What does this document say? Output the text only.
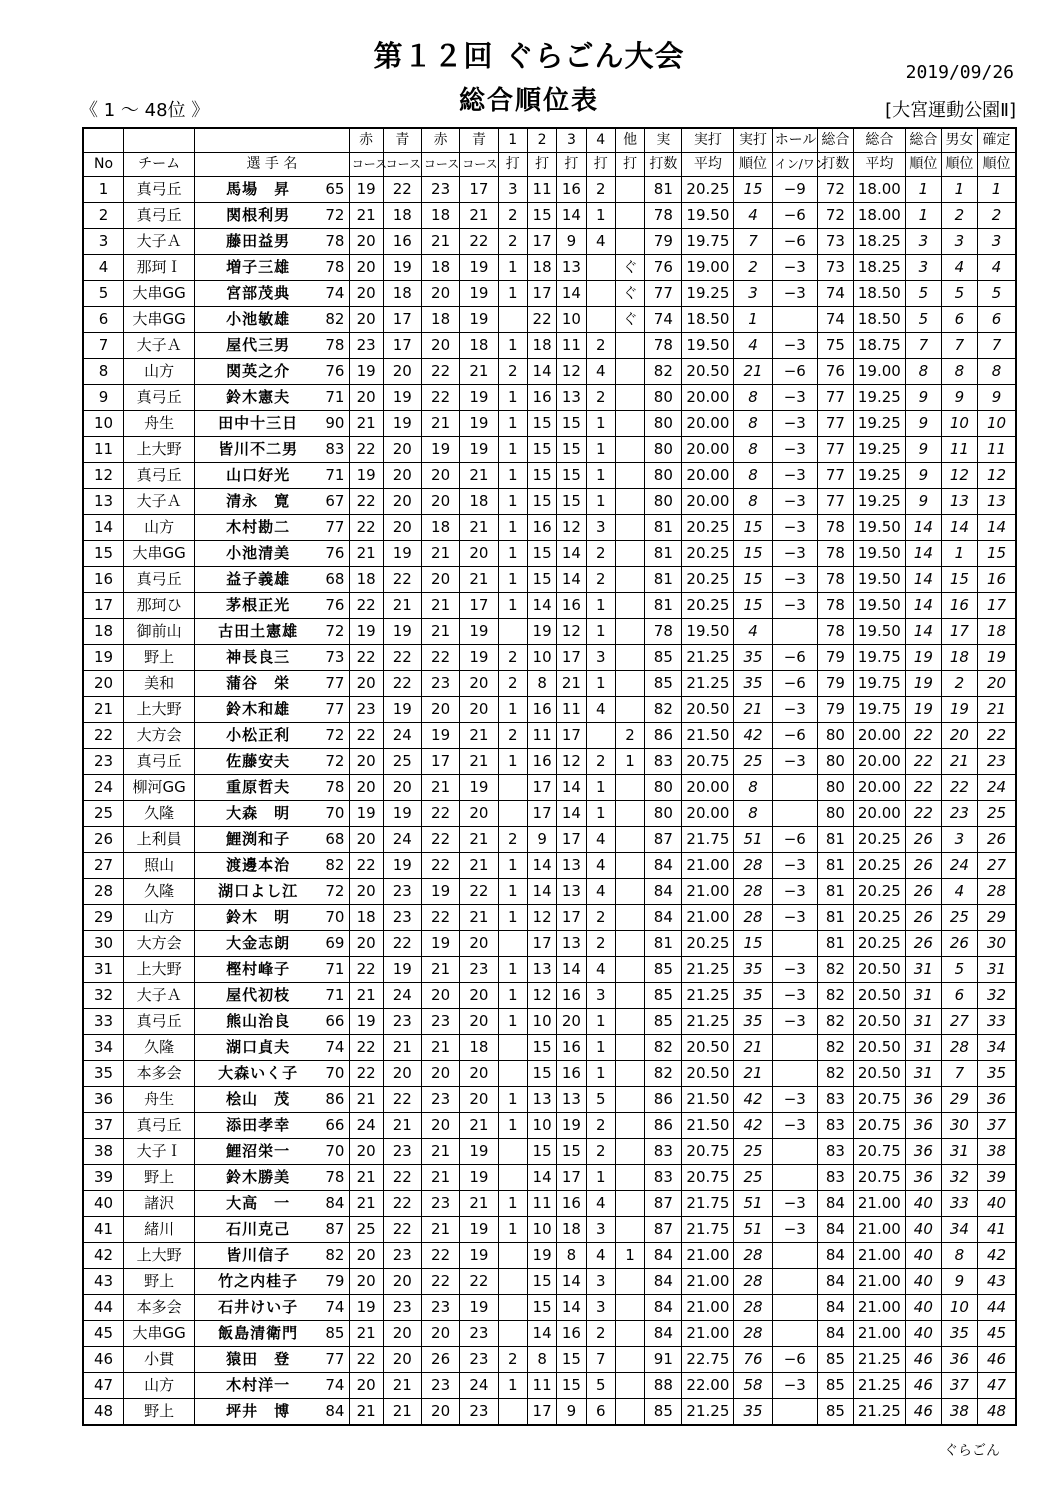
第１２回 ぐらごん大会	2019/09/26
総合順位表
《 1 ～ 48位 》	[大宮運動公園Ⅱ]
				赤	青	赤	青	1	2	3	4	他	実	実打	実打	ホール	総合	総合	総合	男女	確定
No	チーム	選 手 名		コース	コース	コース	コース	打	打	打	打	打	打数	平均	順位	イン/ワン	打数	平均	順位	順位	順位
1	真弓丘	馬場　昇	65	19	22	23	17	3	11	16	2		81	20.25	15	−9	72	18.00	1	1	1
2	真弓丘	関根利男	72	21	18	18	21	2	15	14	1		78	19.50	4	−6	72	18.00	1	2	2
3	大子Ａ	藤田益男	78	20	16	21	22	2	17	9	4		79	19.75	7	−6	73	18.25	3	3	3
4	那珂Ｉ	増子三雄	78	20	19	18	19	1	18	13		ぐ	76	19.00	2	−3	73	18.25	3	4	4
5	大串GG	宮部茂典	74	20	18	20	19	1	17	14		ぐ	77	19.25	3	−3	74	18.50	5	5	5
6	大串GG	小池敏雄	82	20	17	18	19		22	10		ぐ	74	18.50	1		74	18.50	5	6	6
7	大子Ａ	屋代三男	78	23	17	20	18	1	18	11	2		78	19.50	4	−3	75	18.75	7	7	7
8	山方	関英之介	76	19	20	22	21	2	14	12	4		82	20.50	21	−6	76	19.00	8	8	8
9	真弓丘	鈴木憲夫	71	20	19	22	19	1	16	13	2		80	20.00	8	−3	77	19.25	9	9	9
10	舟生	田中十三日	90	21	19	21	19	1	15	15	1		80	20.00	8	−3	77	19.25	9	10	10
11	上大野	皆川不二男	83	22	20	19	19	1	15	15	1		80	20.00	8	−3	77	19.25	9	11	11
12	真弓丘	山口好光	71	19	20	20	21	1	15	15	1		80	20.00	8	−3	77	19.25	9	12	12
13	大子Ａ	清永　寛	67	22	20	20	18	1	15	15	1		80	20.00	8	−3	77	19.25	9	13	13
14	山方	木村勘二	77	22	20	18	21	1	16	12	3		81	20.25	15	−3	78	19.50	14	14	14
15	大串GG	小池清美	76	21	19	21	20	1	15	14	2		81	20.25	15	−3	78	19.50	14	1	15
16	真弓丘	益子義雄	68	18	22	20	21	1	15	14	2		81	20.25	15	−3	78	19.50	14	15	16
17	那珂ひ	茅根正光	76	22	21	21	17	1	14	16	1		81	20.25	15	−3	78	19.50	14	16	17
18	御前山	古田土憲雄	72	19	19	21	19		19	12	1		78	19.50	4		78	19.50	14	17	18
19	野上	神長良三	73	22	22	22	19	2	10	17	3		85	21.25	35	−6	79	19.75	19	18	19
20	美和	蒲谷　栄	77	20	22	23	20	2	8	21	1		85	21.25	35	−6	79	19.75	19	2	20
21	上大野	鈴木和雄	77	23	19	20	20	1	16	11	4		82	20.50	21	−3	79	19.75	19	19	21
22	大方会	小松正利	72	22	24	19	21	2	11	17		2	86	21.50	42	−6	80	20.00	22	20	22
23	真弓丘	佐藤安夫	72	20	25	17	21	1	16	12	2	1	83	20.75	25	−3	80	20.00	22	21	23
24	柳河GG	重原哲夫	78	20	20	21	19		17	14	1		80	20.00	8		80	20.00	22	22	24
25	久隆	大森　明	70	19	19	22	20		17	14	1		80	20.00	8		80	20.00	22	23	25
26	上利員	鯉渕和子	68	20	24	22	21	2	9	17	4		87	21.75	51	−6	81	20.25	26	3	26
27	照山	渡邊本治	82	22	19	22	21	1	14	13	4		84	21.00	28	−3	81	20.25	26	24	27
28	久隆	湖口よし江	72	20	23	19	22	1	14	13	4		84	21.00	28	−3	81	20.25	26	4	28
29	山方	鈴木　明	70	18	23	22	21	1	12	17	2		84	21.00	28	−3	81	20.25	26	25	29
30	大方会	大金志朗	69	20	22	19	20		17	13	2		81	20.25	15		81	20.25	26	26	30
31	上大野	樫村峰子	71	22	19	21	23	1	13	14	4		85	21.25	35	−3	82	20.50	31	5	31
32	大子Ａ	屋代初枝	71	21	24	20	20	1	12	16	3		85	21.25	35	−3	82	20.50	31	6	32
33	真弓丘	熊山治良	66	19	23	23	20	1	10	20	1		85	21.25	35	−3	82	20.50	31	27	33
34	久隆	湖口貞夫	74	22	21	21	18		15	16	1		82	20.50	21		82	20.50	31	28	34
35	本多会	大森いく子	70	22	20	20	20		15	16	1		82	20.50	21		82	20.50	31	7	35
36	舟生	桧山　茂	86	21	22	23	20	1	13	13	5		86	21.50	42	−3	83	20.75	36	29	36
37	真弓丘	添田孝幸	66	24	21	20	21	1	10	19	2		86	21.50	42	−3	83	20.75	36	30	37
38	大子Ｉ	鯉沼栄一	70	20	23	21	19		15	15	2		83	20.75	25		83	20.75	36	31	38
39	野上	鈴木勝美	78	21	22	21	19		14	17	1		83	20.75	25		83	20.75	36	32	39
40	諸沢	大高　一	84	21	22	23	21	1	11	16	4		87	21.75	51	−3	84	21.00	40	33	40
41	緒川	石川克己	87	25	22	21	19	1	10	18	3		87	21.75	51	−3	84	21.00	40	34	41
42	上大野	皆川信子	82	20	23	22	19		19	8	4	1	84	21.00	28		84	21.00	40	8	42
43	野上	竹之内桂子	79	20	20	22	22		15	14	3		84	21.00	28		84	21.00	40	9	43
44	本多会	石井けい子	74	19	23	23	19		15	14	3		84	21.00	28		84	21.00	40	10	44
45	大串GG	飯島清衛門	85	21	20	20	23		14	16	2		84	21.00	28		84	21.00	40	35	45
46	小貫	猿田　登	77	22	20	26	23	2	8	15	7		91	22.75	76	−6	85	21.25	46	36	46
47	山方	木村洋一	74	20	21	23	24	1	11	15	5		88	22.00	58	−3	85	21.25	46	37	47
48	野上	坪井　博	84	21	21	20	23		17	9	6		85	21.25	35		85	21.25	46	38	48
ぐらごん
